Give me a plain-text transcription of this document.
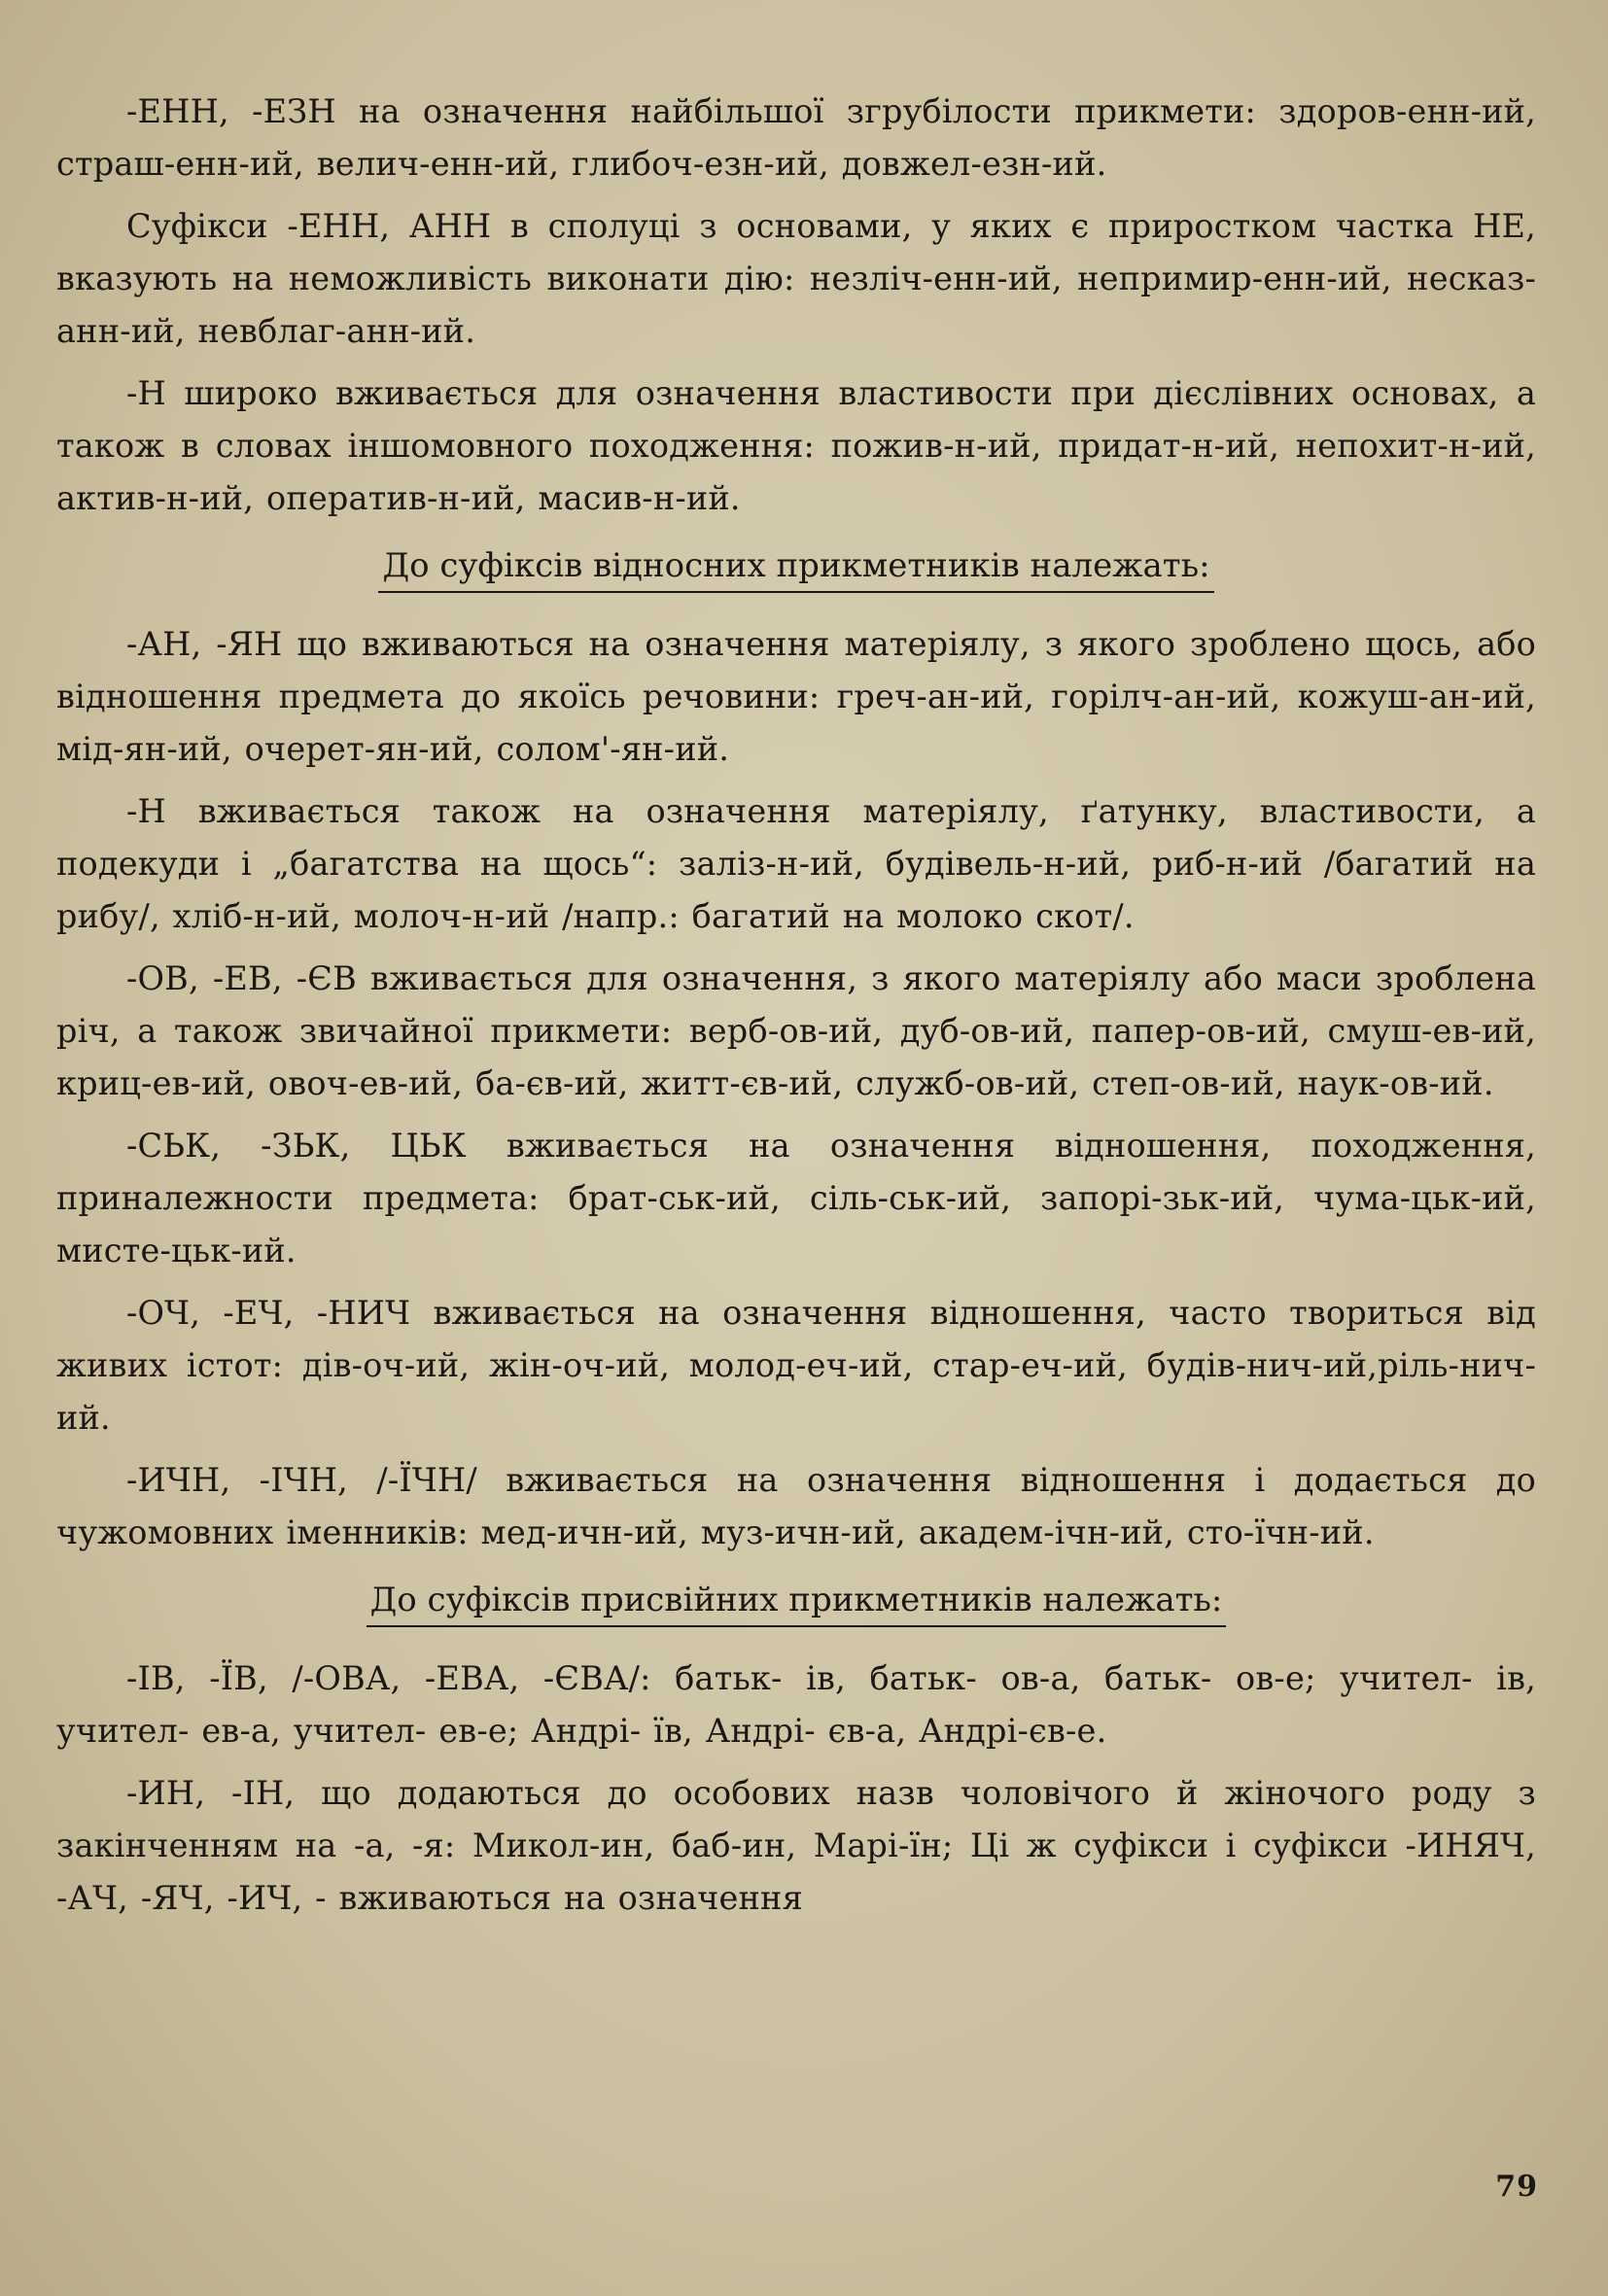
-ЕНН, -ЕЗН на означення найбільшої згрубілости прикмети: здоров-енн-ий, страш-енн-ий, велич-енн-ий, глибоч-езн-ий, довжел-езн-ий.

Суфікси -ЕНН, АНН в сполуці з основами, у яких є приростком частка НЕ, вказують на неможливість виконати дію: незліч-енн-ий, непримир-енн-ий, несказ-анн-ий, невблаг-анн-ий.

-Н широко вживається для означення властивости при дієслівних основах, а також в словах іншомовного походження: пожив-н-ий, придат-н-ий, непохит-н-ий, актив-н-ий, оператив-н-ий, масив-н-ий.

До суфіксів відносних прикметників належать:

-АН, -ЯН що вживаються на означення матеріялу, з якого зроблено щось, або відношення предмета до якоїсь речовини: греч-ан-ий, горілч-ан-ий, кожуш-ан-ий, мід-ян-ий, очерет-ян-ий, солом'-ян-ий.

-Н вживається також на означення матеріялу, ґатунку, властивости, а подекуди і „багатства на щось“: заліз-н-ий, будівель-н-ий, риб-н-ий /багатий на рибу/, хліб-н-ий, молоч-н-ий /напр.: багатий на молоко скот/.

-ОВ, -ЕВ, -ЄВ вживається для означення, з якого матеріялу або маси зроблена річ, а також звичайної прикмети: верб-ов-ий, дуб-ов-ий, папер-ов-ий, смуш-ев-ий, криц-ев-ий, овоч-ев-ий, ба-єв-ий, житт-єв-ий, служб-ов-ий, степ-ов-ий, наук-ов-ий.

-СЬК, -ЗЬК, ЦЬК вживається на означення відношення, походження, приналежности предмета: брат-ськ-ий, сіль-ськ-ий, запорі-зьк-ий, чума-цьк-ий, мисте-цьк-ий.

-ОЧ, -ЕЧ, -НИЧ вживається на означення відношення, часто твориться від живих істот: дів-оч-ий, жін-оч-ий, молод-еч-ий, стар-еч-ий, будів-нич-ий,ріль-нич-ий.

-ИЧН, -ІЧН, /-ЇЧН/ вживається на означення відношення і додається до чужомовних іменників: мед-ичн-ий, муз-ичн-ий, академ-ічн-ий, сто-їчн-ий.

До суфіксів присвійних прикметників належать:

-ІВ, -ЇВ, /-ОВА, -ЕВА, -ЄВА/: батьк- ів, батьк- ов-а, батьк- ов-е; учител- ів, учител- ев-а, учител- ев-е; Андрі- їв, Андрі- єв-а, Андрі-єв-е.

-ИН, -ІН, що додаються до особових назв чоловічого й жіночого роду з закінченням на -а, -я: Микол-ин, баб-ин, Марі-їн; Ці ж суфікси і суфікси -ИНЯЧ, -АЧ, -ЯЧ, -ИЧ, - вживаються на означення

79
